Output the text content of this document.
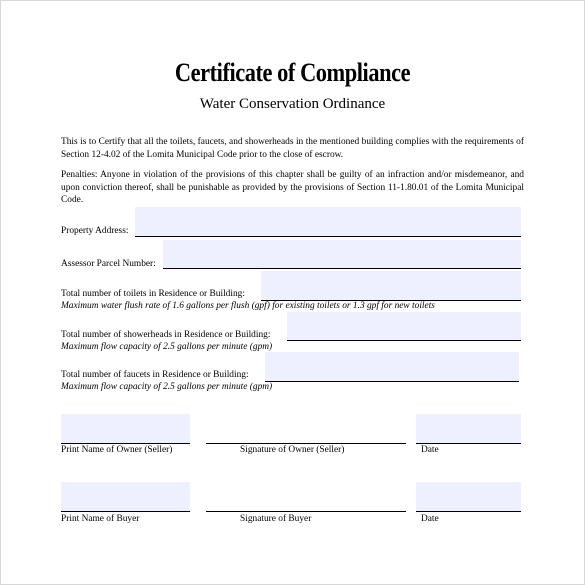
Certificate of Compliance
Water Conservation Ordinance
This is to Certify that all the toilets, faucets, and showerheads in the mentioned building complies with the requirements of Section 12-4.02 of the Lomita Municipal Code prior to the close of escrow.
Penalties: Anyone in violation of the provisions of this chapter shall be guilty of an infraction and/or misdemeanor, and upon conviction thereof, shall be punishable as provided by the provisions of Section 11-1.80.01 of the Lomita Municipal Code.
Property Address:
Assessor Parcel Number:
Total number of toilets in Residence or Building:
Maximum water flush rate of 1.6 gallons per flush (gpf) for existing toilets or 1.3 gpf for new toilets
Total number of showerheads in Residence or Building:
Maximum flow capacity of 2.5 gallons per minute (gpm)
Total number of faucets in Residence or Building:
Maximum flow capacity of 2.5 gallons per minute (gpm)
Print Name of Owner (Seller)	Signature of Owner (Seller)	Date
Print Name of Buyer	Signature of Buyer	Date
